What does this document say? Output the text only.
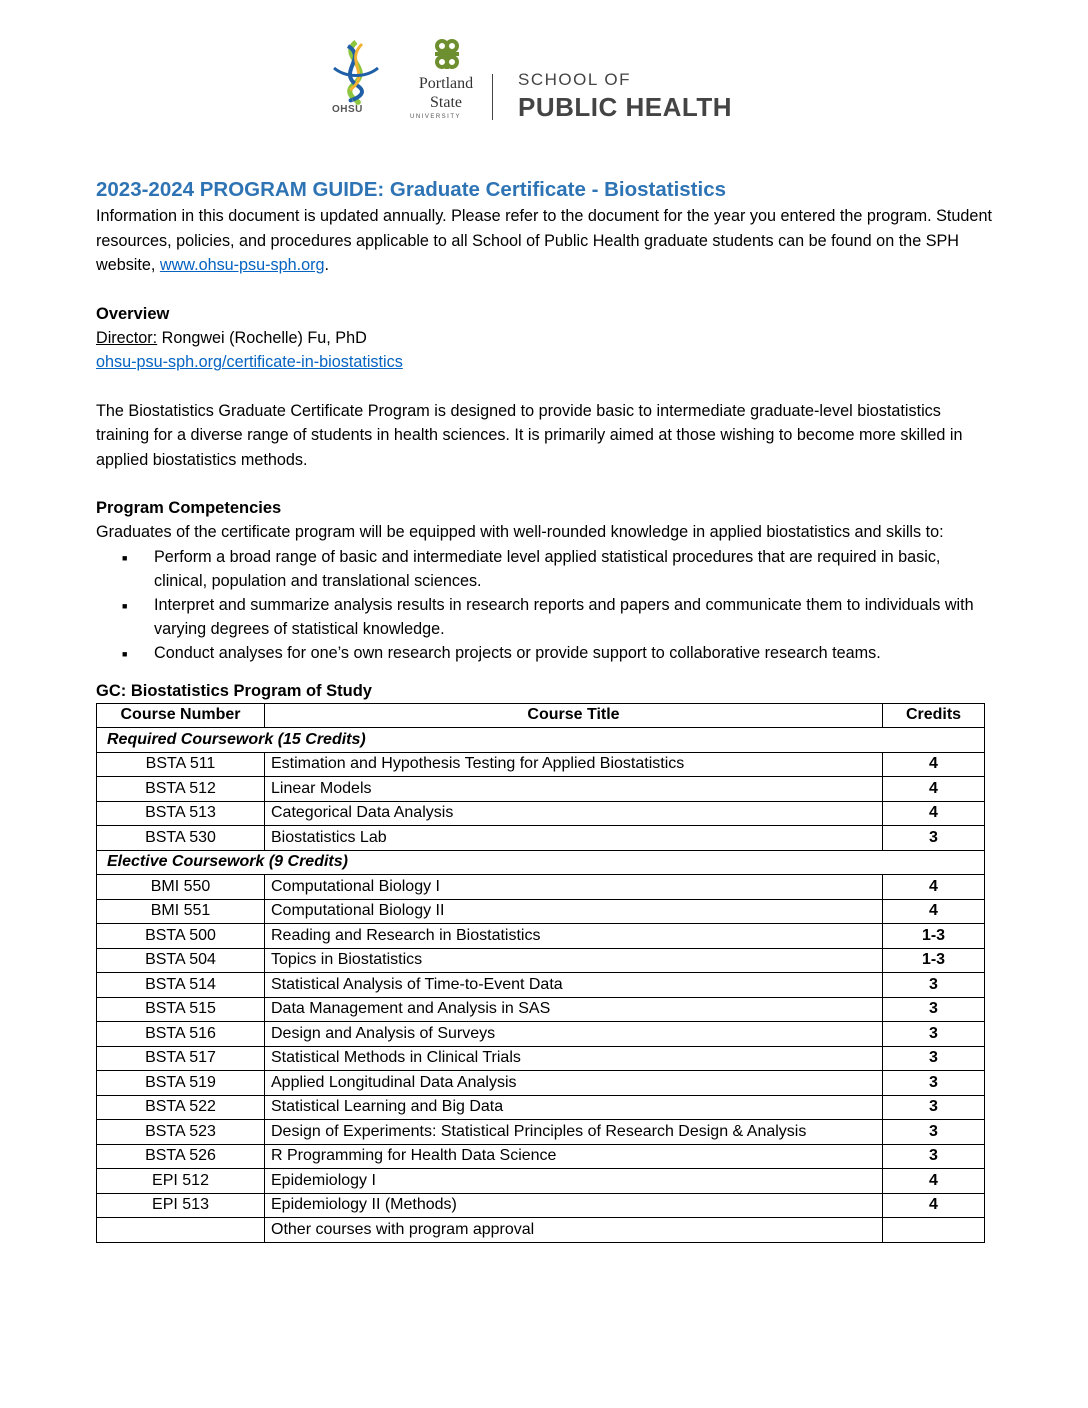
OHSU
Portland
State
UNIVERSITY
SCHOOL OF
PUBLIC HEALTH
2023-2024 PROGRAM GUIDE: Graduate Certificate - Biostatistics

Information in this document is updated annually. Please refer to the document for the year you entered the program. Student resources, policies, and procedures applicable to all School of Public Health graduate students can be found on the SPH website, www.ohsu-psu-sph.org.

Overview

Director: Rongwei (Rochelle) Fu, PhD

ohsu-psu-sph.org/certificate-in-biostatistics

The Biostatistics Graduate Certificate Program is designed to provide basic to intermediate graduate-level biostatistics training for a diverse range of students in health sciences. It is primarily aimed at those wishing to become more skilled in applied biostatistics methods.

Program Competencies

Graduates of the certificate program will be equipped with well-rounded knowledge in applied biostatistics and skills to:

■ Perform a broad range of basic and intermediate level applied statistical procedures that are required in basic, clinical, population and translational sciences.
■ Interpret and summarize analysis results in research reports and papers and communicate them to individuals with varying degrees of statistical knowledge.
■ Conduct analyses for one’s own research projects or provide support to collaborative research teams.
GC: Biostatistics Program of Study
Course Number	Course Title	Credits
Required Coursework (15 Credits)		
BSTA 511	Estimation and Hypothesis Testing for Applied Biostatistics	4
BSTA 512	Linear Models	4
BSTA 513	Categorical Data Analysis	4
BSTA 530	Biostatistics Lab	3
Elective Coursework (9 Credits)		
BMI 550	Computational Biology I	4
BMI 551	Computational Biology II	4
BSTA 500	Reading and Research in Biostatistics	1-3
BSTA 504	Topics in Biostatistics	1-3
BSTA 514	Statistical Analysis of Time-to-Event Data	3
BSTA 515	Data Management and Analysis in SAS	3
BSTA 516	Design and Analysis of Surveys	3
BSTA 517	Statistical Methods in Clinical Trials	3
BSTA 519	Applied Longitudinal Data Analysis	3
BSTA 522	Statistical Learning and Big Data	3
BSTA 523	Design of Experiments: Statistical Principles of Research Design & Analysis	3
BSTA 526	R Programming for Health Data Science	3
EPI 512	Epidemiology I	4
EPI 513	Epidemiology II (Methods)	4
	Other courses with program approval	
